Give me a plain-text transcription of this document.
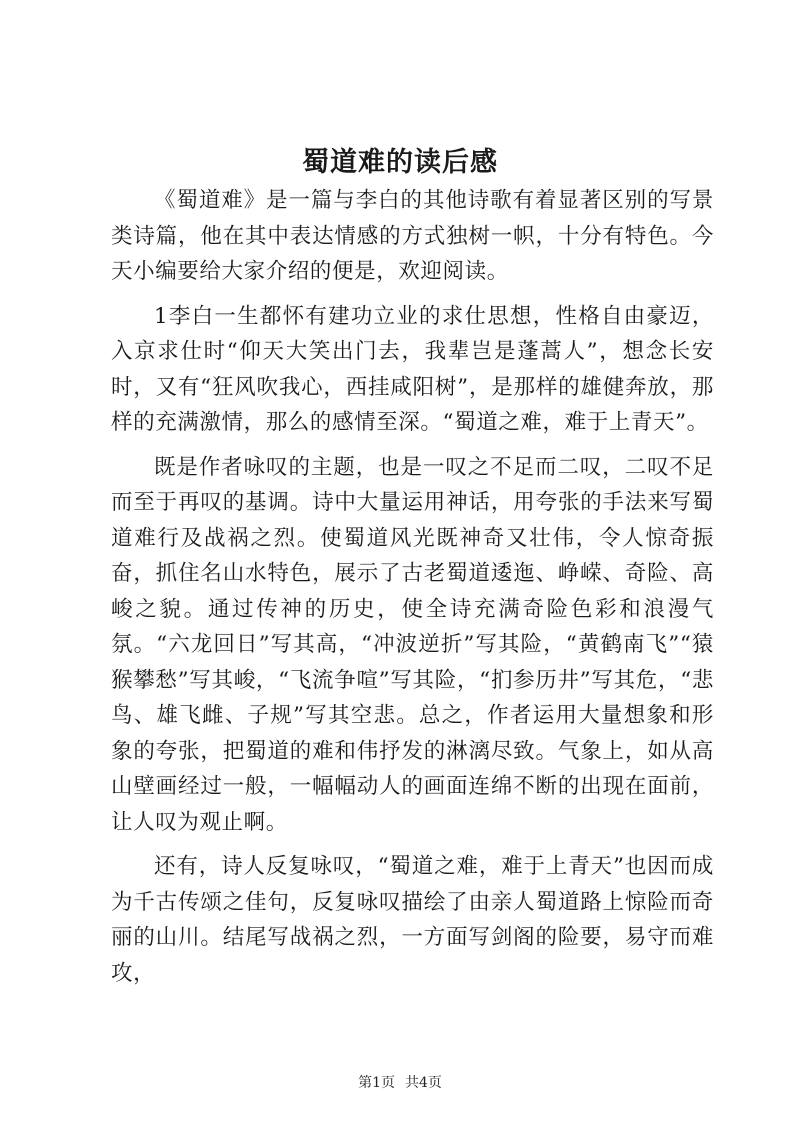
蜀道难的读后感

《蜀道难》是一篇与李白的其他诗歌有着显著区别的写景类诗篇，他在其中表达情感的方式独树一帜，十分有特色。今天小编要给大家介绍的便是，欢迎阅读。

1李白一生都怀有建功立业的求仕思想，性格自由豪迈，入京求仕时“仰天大笑出门去，我辈岂是蓬蒿人”，想念长安时，又有“狂风吹我心，西挂咸阳树”，是那样的雄健奔放，那样的充满激情，那么的感情至深。“蜀道之难，难于上青天”。

既是作者咏叹的主题，也是一叹之不足而二叹，二叹不足而至于再叹的基调。诗中大量运用神话，用夸张的手法来写蜀道难行及战祸之烈。使蜀道风光既神奇又壮伟，令人惊奇振奋，抓住名山水特色，展示了古老蜀道逶迤、峥嵘、奇险、高峻之貌。通过传神的历史，使全诗充满奇险色彩和浪漫气氛。“六龙回日”写其高，“冲波逆折”写其险，“黄鹤南飞”“猿猴攀愁”写其峻，“飞流争喧”写其险，“扪参历井”写其危，“悲鸟、雄飞雌、子规”写其空悲。总之，作者运用大量想象和形象的夸张，把蜀道的难和伟抒发的淋漓尽致。气象上，如从高山壁画经过一般，一幅幅动人的画面连绵不断的出现在面前，让人叹为观止啊。

还有，诗人反复咏叹，“蜀道之难，难于上青天”也因而成为千古传颂之佳句，反复咏叹描绘了由亲人蜀道路上惊险而奇丽的山川。结尾写战祸之烈，一方面写剑阁的险要，易守而难攻，

第1页 共4页
